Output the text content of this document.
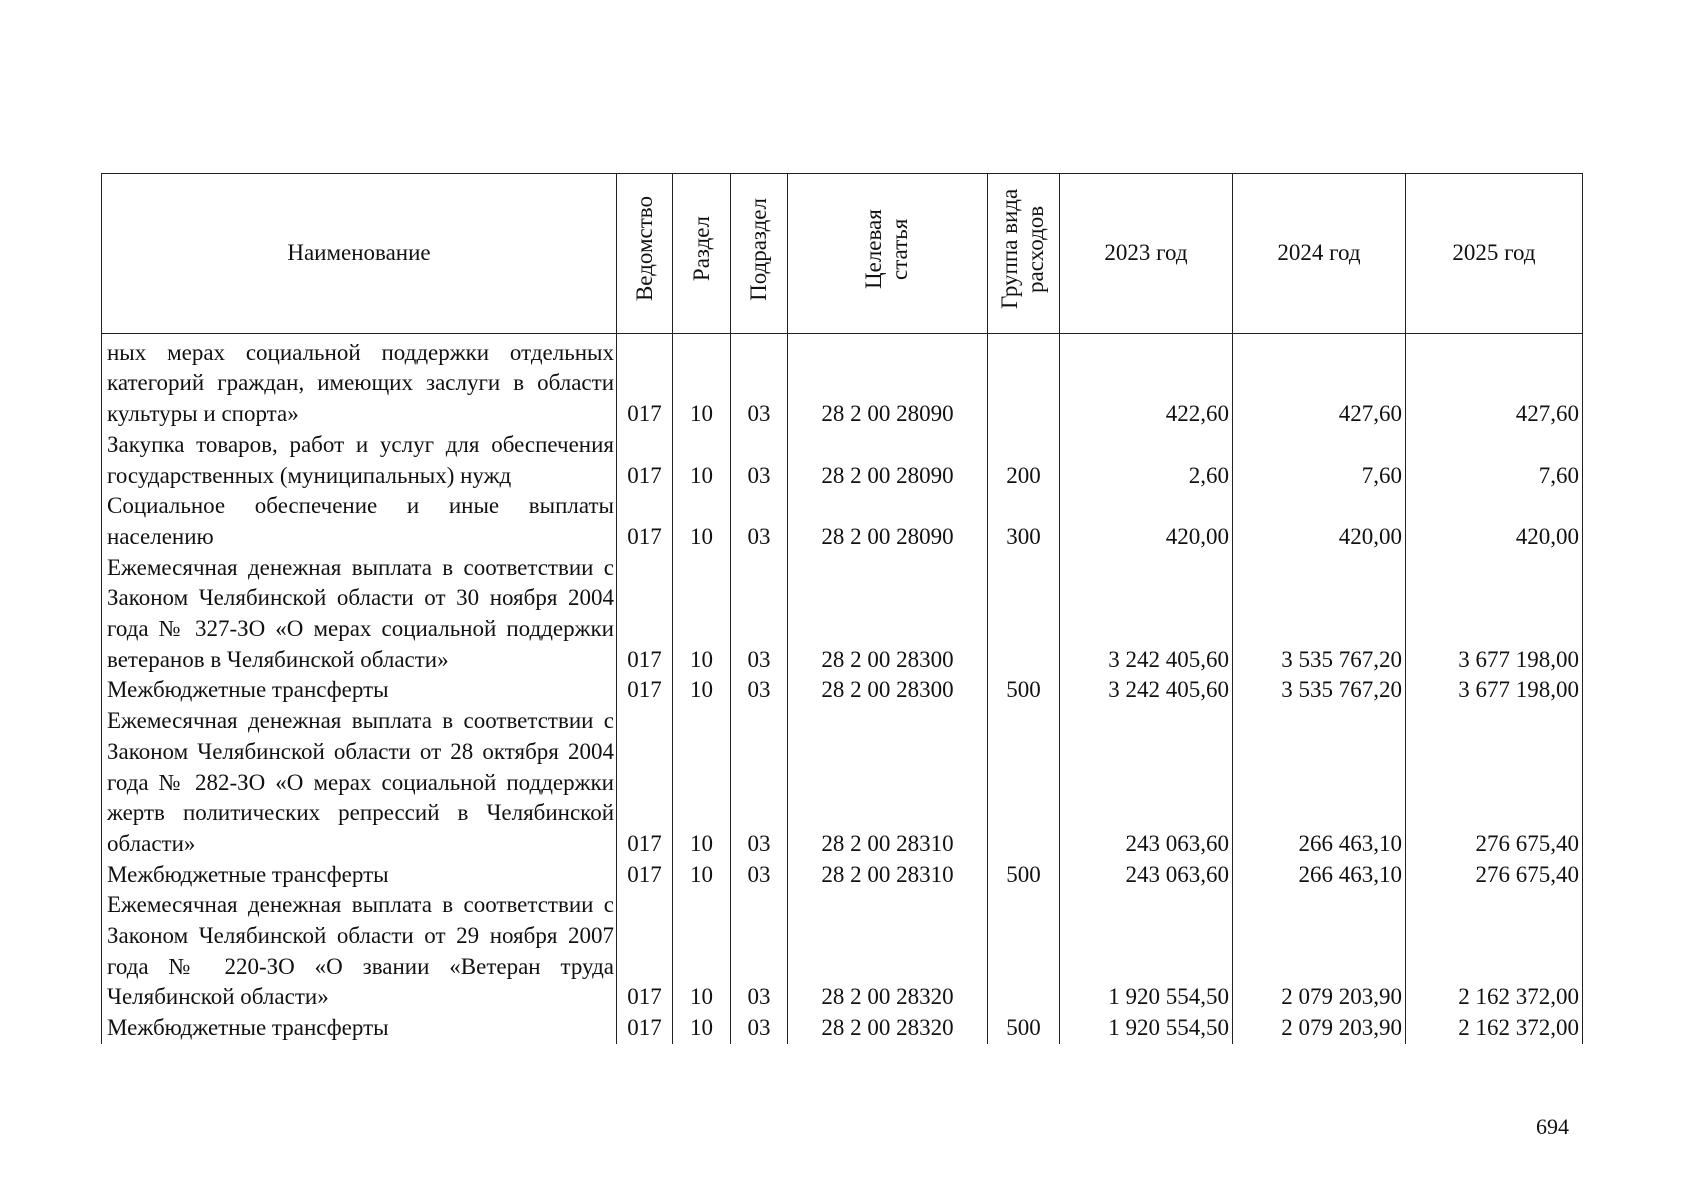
Наименование	Ведомство	Раздел	Подраздел	Целевая статья	Группа вида расходов	2023 год	2024 год	2025 год
ных мерах социальной поддержки отдельных категорий граждан, имеющих заслуги в области культуры и спорта»	017	10	03	28 2 00 28090		422,60	427,60	427,60
Закупка товаров, работ и услуг для обеспечения государственных (муниципальных) нужд	017	10	03	28 2 00 28090	200	2,60	7,60	7,60
Социальное обеспечение и иные выплаты населению	017	10	03	28 2 00 28090	300	420,00	420,00	420,00
Ежемесячная денежная выплата в соответствии с Законом Челябинской области от 30 ноября 2004 года № 327-ЗО «О мерах социальной поддержки ветеранов в Челябинской области»	017	10	03	28 2 00 28300		3 242 405,60	3 535 767,20	3 677 198,00
Межбюджетные трансферты	017	10	03	28 2 00 28300	500	3 242 405,60	3 535 767,20	3 677 198,00
Ежемесячная денежная выплата в соответствии с Законом Челябинской области от 28 октября 2004 года № 282-ЗО «О мерах социальной поддержки жертв политических репрессий в Челябинской области»	017	10	03	28 2 00 28310		243 063,60	266 463,10	276 675,40
Межбюджетные трансферты	017	10	03	28 2 00 28310	500	243 063,60	266 463,10	276 675,40
Ежемесячная денежная выплата в соответствии с Законом Челябинской области от 29 ноября 2007 года № 220-ЗО «О звании «Ветеран труда Челябинской области»	017	10	03	28 2 00 28320		1 920 554,50	2 079 203,90	2 162 372,00
Межбюджетные трансферты	017	10	03	28 2 00 28320	500	1 920 554,50	2 079 203,90	2 162 372,00
694
